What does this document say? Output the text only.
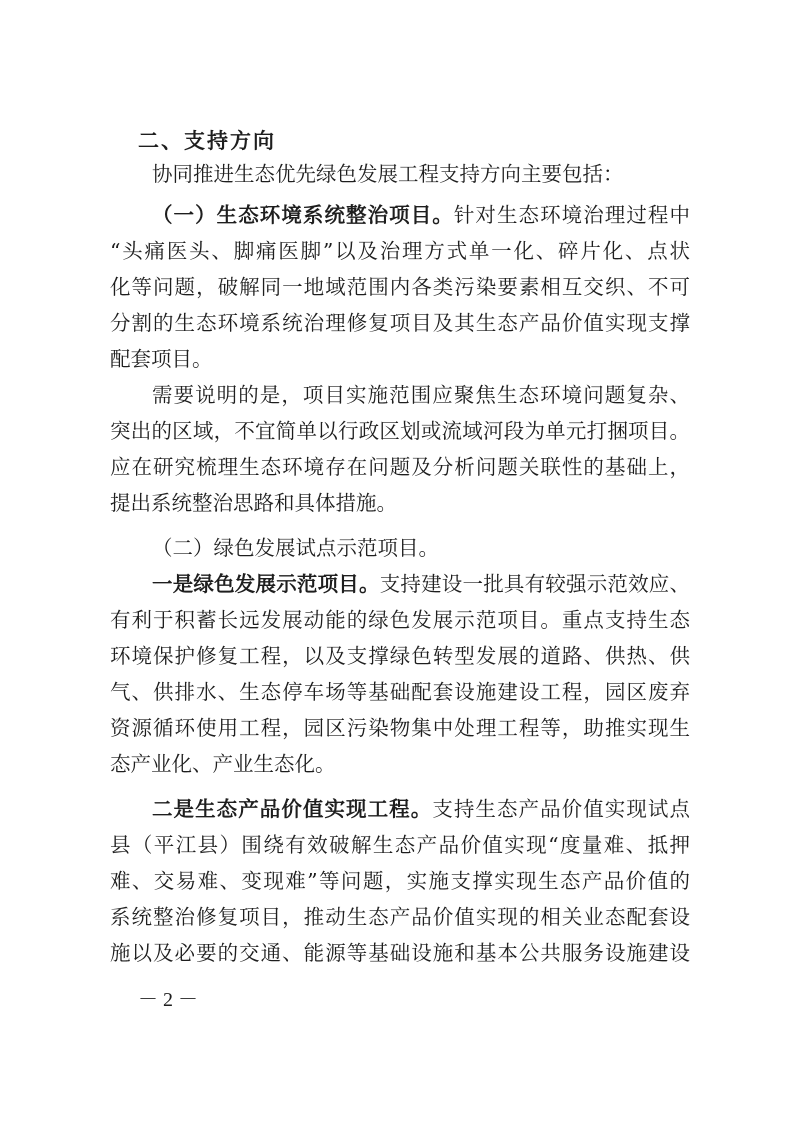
二、支持方向
协同推进生态优先绿色发展工程支持方向主要包括：
（一）生态环境系统整治项目。针对生态环境治理过程中
“头痛医头、脚痛医脚”以及治理方式单一化、碎片化、点状
化等问题，破解同一地域范围内各类污染要素相互交织、不可
分割的生态环境系统治理修复项目及其生态产品价值实现支撑
配套项目。
需要说明的是，项目实施范围应聚焦生态环境问题复杂、
突出的区域，不宜简单以行政区划或流域河段为单元打捆项目。
应在研究梳理生态环境存在问题及分析问题关联性的基础上，
提出系统整治思路和具体措施。
（二）绿色发展试点示范项目。
一是绿色发展示范项目。支持建设一批具有较强示范效应、
有利于积蓄长远发展动能的绿色发展示范项目。重点支持生态
环境保护修复工程，以及支撑绿色转型发展的道路、供热、供
气、供排水、生态停车场等基础配套设施建设工程，园区废弃
资源循环使用工程，园区污染物集中处理工程等，助推实现生
态产业化、产业生态化。
二是生态产品价值实现工程。支持生态产品价值实现试点
县（平江县）围绕有效破解生态产品价值实现“度量难、抵押
难、交易难、变现难”等问题，实施支撑实现生态产品价值的
系统整治修复项目，推动生态产品价值实现的相关业态配套设
施以及必要的交通、能源等基础设施和基本公共服务设施建设
－ 2 －
